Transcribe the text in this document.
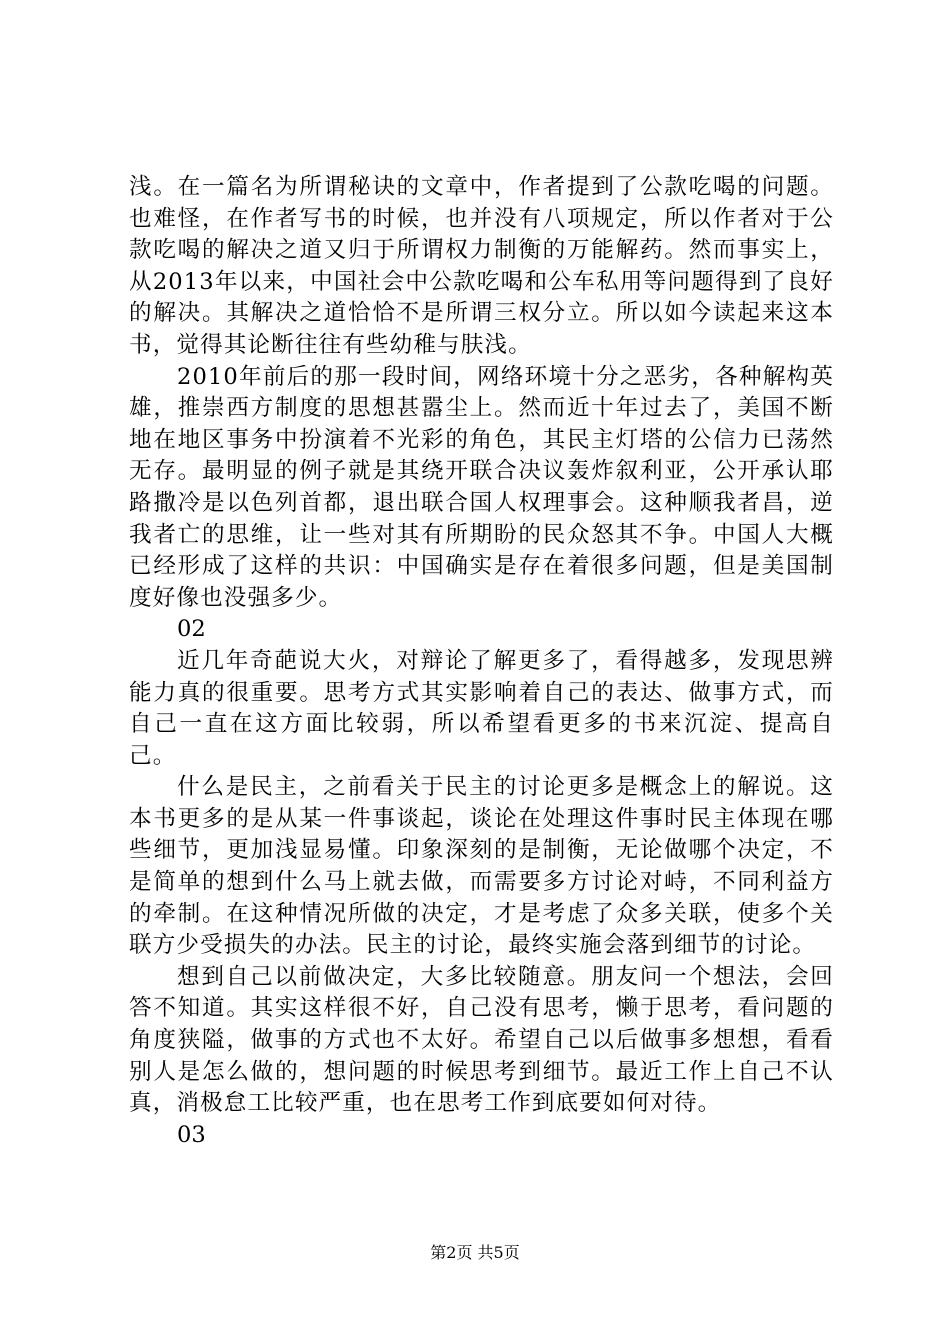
浅。在一篇名为所谓秘诀的文章中，作者提到了公款吃喝的问题。也难怪，在作者写书的时候，也并没有八项规定，所以作者对于公款吃喝的解决之道又归于所谓权力制衡的万能解药。然而事实上，从2013年以来，中国社会中公款吃喝和公车私用等问题得到了良好的解决。其解决之道恰恰不是所谓三权分立。所以如今读起来这本书，觉得其论断往往有些幼稚与肤浅。

2010年前后的那一段时间，网络环境十分之恶劣，各种解构英雄，推崇西方制度的思想甚嚣尘上。然而近十年过去了，美国不断地在地区事务中扮演着不光彩的角色，其民主灯塔的公信力已荡然无存。最明显的例子就是其绕开联合决议轰炸叙利亚，公开承认耶路撒冷是以色列首都，退出联合国人权理事会。这种顺我者昌，逆我者亡的思维，让一些对其有所期盼的民众怒其不争。中国人大概已经形成了这样的共识：中国确实是存在着很多问题，但是美国制度好像也没强多少。

02

近几年奇葩说大火，对辩论了解更多了，看得越多，发现思辨能力真的很重要。思考方式其实影响着自己的表达、做事方式，而自己一直在这方面比较弱，所以希望看更多的书来沉淀、提高自己。

什么是民主，之前看关于民主的讨论更多是概念上的解说。这本书更多的是从某一件事谈起，谈论在处理这件事时民主体现在哪些细节，更加浅显易懂。印象深刻的是制衡，无论做哪个决定，不是简单的想到什么马上就去做，而需要多方讨论对峙，不同利益方的牵制。在这种情况所做的决定，才是考虑了众多关联，使多个关联方少受损失的办法。民主的讨论，最终实施会落到细节的讨论。

想到自己以前做决定，大多比较随意。朋友问一个想法，会回答不知道。其实这样很不好，自己没有思考，懒于思考，看问题的角度狭隘，做事的方式也不太好。希望自己以后做事多想想，看看别人是怎么做的，想问题的时候思考到细节。最近工作上自己不认真，消极怠工比较严重，也在思考工作到底要如何对待。

03

第2页 共5页
